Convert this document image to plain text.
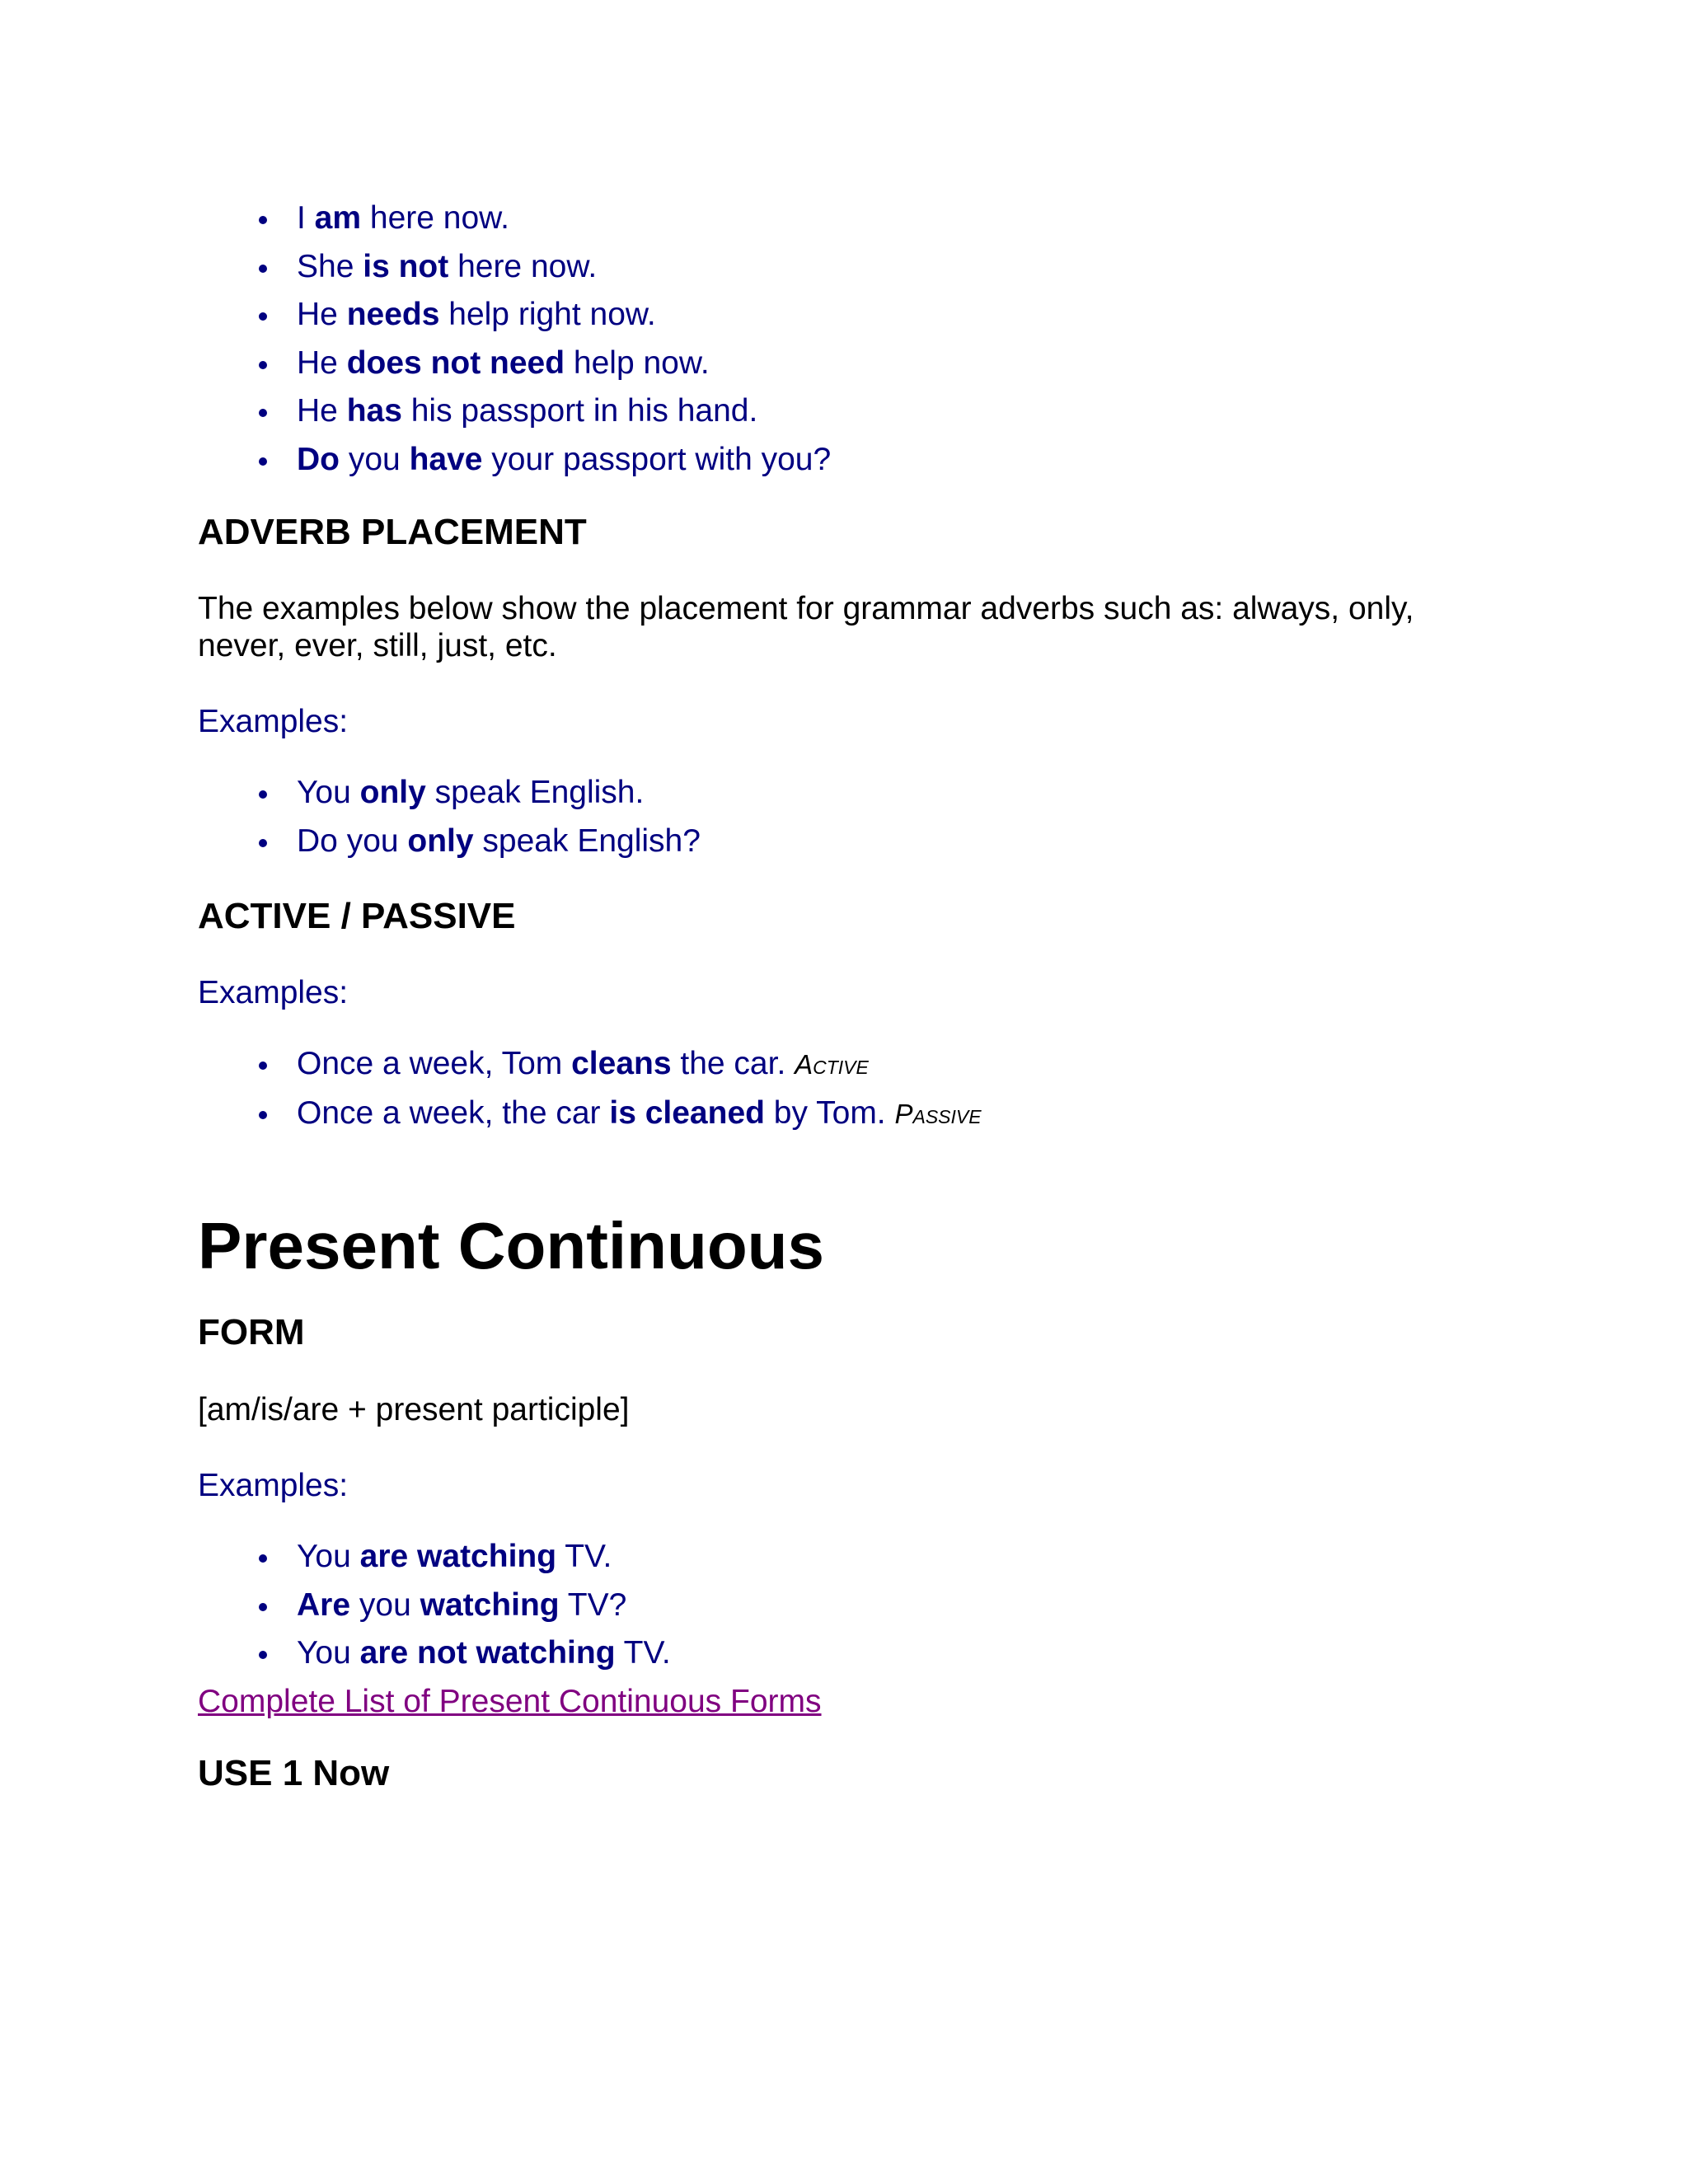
I am here now.
She is not here now.
He needs help right now.
He does not need help now.
He has his passport in his hand.
Do you have your passport with you?
ADVERB PLACEMENT

The examples below show the placement for grammar adverbs such as: always, only, never, ever, still, just, etc.

Examples:

You only speak English.
Do you only speak English?
ACTIVE / PASSIVE

Examples:

Once a week, Tom cleans the car. Active
Once a week, the car is cleaned by Tom. Passive
Present Continuous
FORM

[am/is/are + present participle]

Examples:

You are watching TV.
Are you watching TV?
You are not watching TV.
Complete List of Present Continuous Forms
USE 1 Now
